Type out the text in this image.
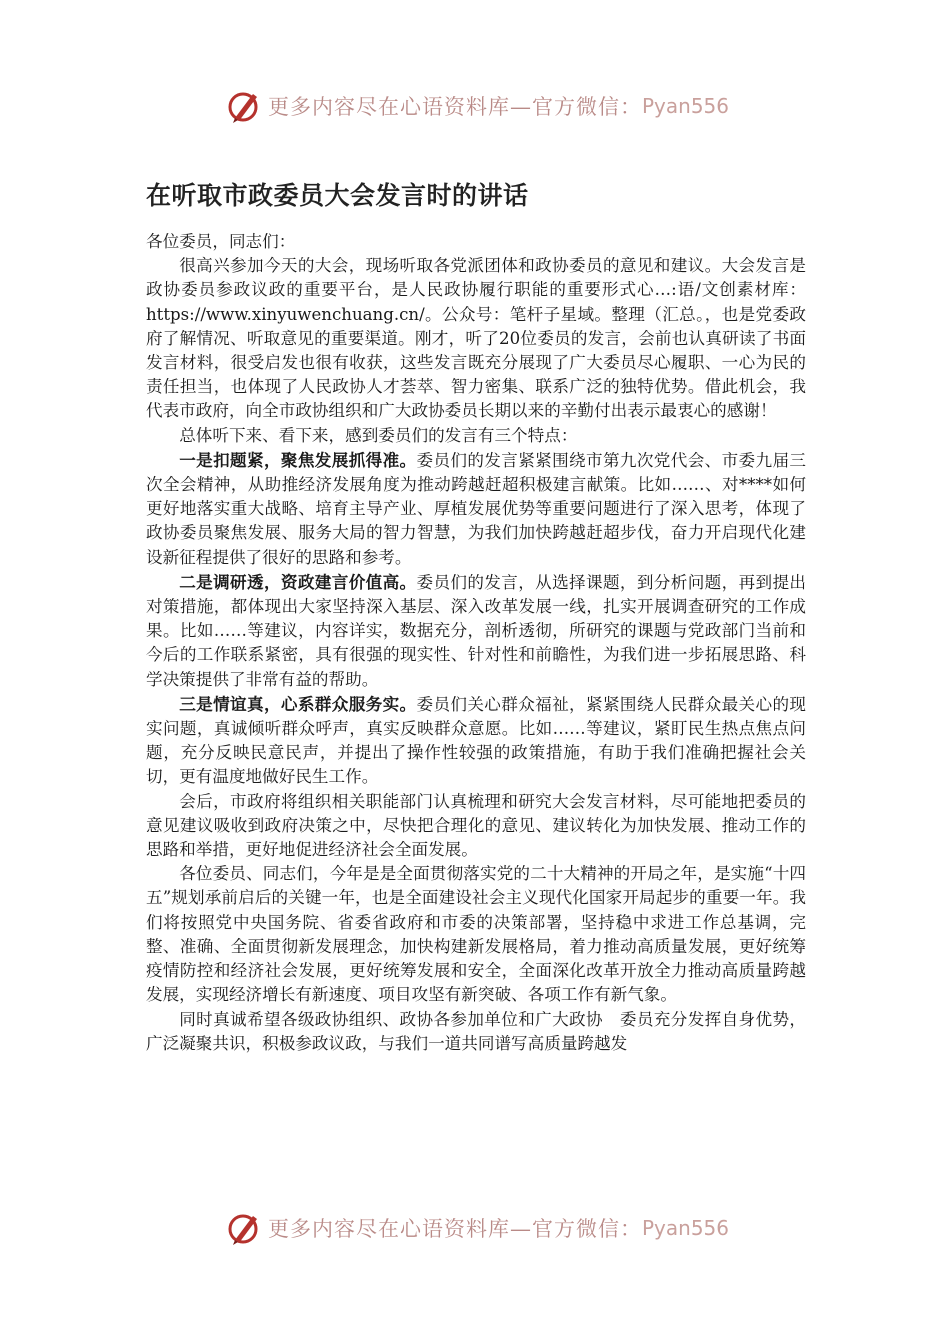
更多内容尽在心语资料库—官方微信： Pyan556
在听取市政委员大会发言时的讲话

各位委员，同志们：

很高兴参加今天的大会，现场听取各党派团体和政协委员的意见和建议。大会发言是政协委员参政议政的重要平台，是人民政协履行职能的重要形式心…:语/文创素材库：https://www.xinyuwenchuang.cn/。公众号：笔杆子星域。整理（汇总。，也是党委政府了解情况、听取意见的重要渠道。刚才，听了20位委员的发言，会前也认真研读了书面发言材料，很受启发也很有收获，这些发言既充分展现了广大委员尽心履职、一心为民的责任担当，也体现了人民政协人才荟萃、智力密集、联系广泛的独特优势。借此机会，我代表市政府，向全市政协组织和广大政协委员长期以来的辛勤付出表示最衷心的感谢！

总体听下来、看下来，感到委员们的发言有三个特点：

一是扣题紧，聚焦发展抓得准。委员们的发言紧紧围绕市第九次党代会、市委九届三次全会精神，从助推经济发展角度为推动跨越赶超积极建言献策。比如……、对****如何更好地落实重大战略、培育主导产业、厚植发展优势等重要问题进行了深入思考，体现了政协委员聚焦发展、服务大局的智力智慧，为我们加快跨越赶超步伐，奋力开启现代化建设新征程提供了很好的思路和参考。

二是调研透，资政建言价值高。委员们的发言，从选择课题，到分析问题，再到提出对策措施，都体现出大家坚持深入基层、深入改革发展一线，扎实开展调查研究的工作成果。比如……等建议，内容详实，数据充分，剖析透彻，所研究的课题与党政部门当前和今后的工作联系紧密，具有很强的现实性、针对性和前瞻性，为我们进一步拓展思路、科学决策提供了非常有益的帮助。

三是情谊真，心系群众服务实。委员们关心群众福祉，紧紧围绕人民群众最关心的现实问题，真诚倾听群众呼声，真实反映群众意愿。比如……等建议，紧盯民生热点焦点问题，充分反映民意民声，并提出了操作性较强的政策措施，有助于我们准确把握社会关切，更有温度地做好民生工作。

会后，市政府将组织相关职能部门认真梳理和研究大会发言材料，尽可能地把委员的意见建议吸收到政府决策之中，尽快把合理化的意见、建议转化为加快发展、推动工作的思路和举措，更好地促进经济社会全面发展。

各位委员、同志们，今年是是全面贯彻落实党的二十大精神的开局之年，是实施“十四五”规划承前启后的关键一年，也是全面建设社会主义现代化国家开局起步的重要一年。我们将按照党中央国务院、省委省政府和市委的决策部署，坚持稳中求进工作总基调，完整、准确、全面贯彻新发展理念，加快构建新发展格局，着力推动高质量发展，更好统筹疫情防控和经济社会发展，更好统筹发展和安全，全面深化改革开放全力推动高质量跨越发展，实现经济增长有新速度、项目攻坚有新突破、各项工作有新气象。

同时真诚希望各级政协组织、政协各参加单位和广大政协　委员充分发挥自身优势，广泛凝聚共识，积极参政议政，与我们一道共同谱写高质量跨越发

更多内容尽在心语资料库—官方微信： Pyan556
